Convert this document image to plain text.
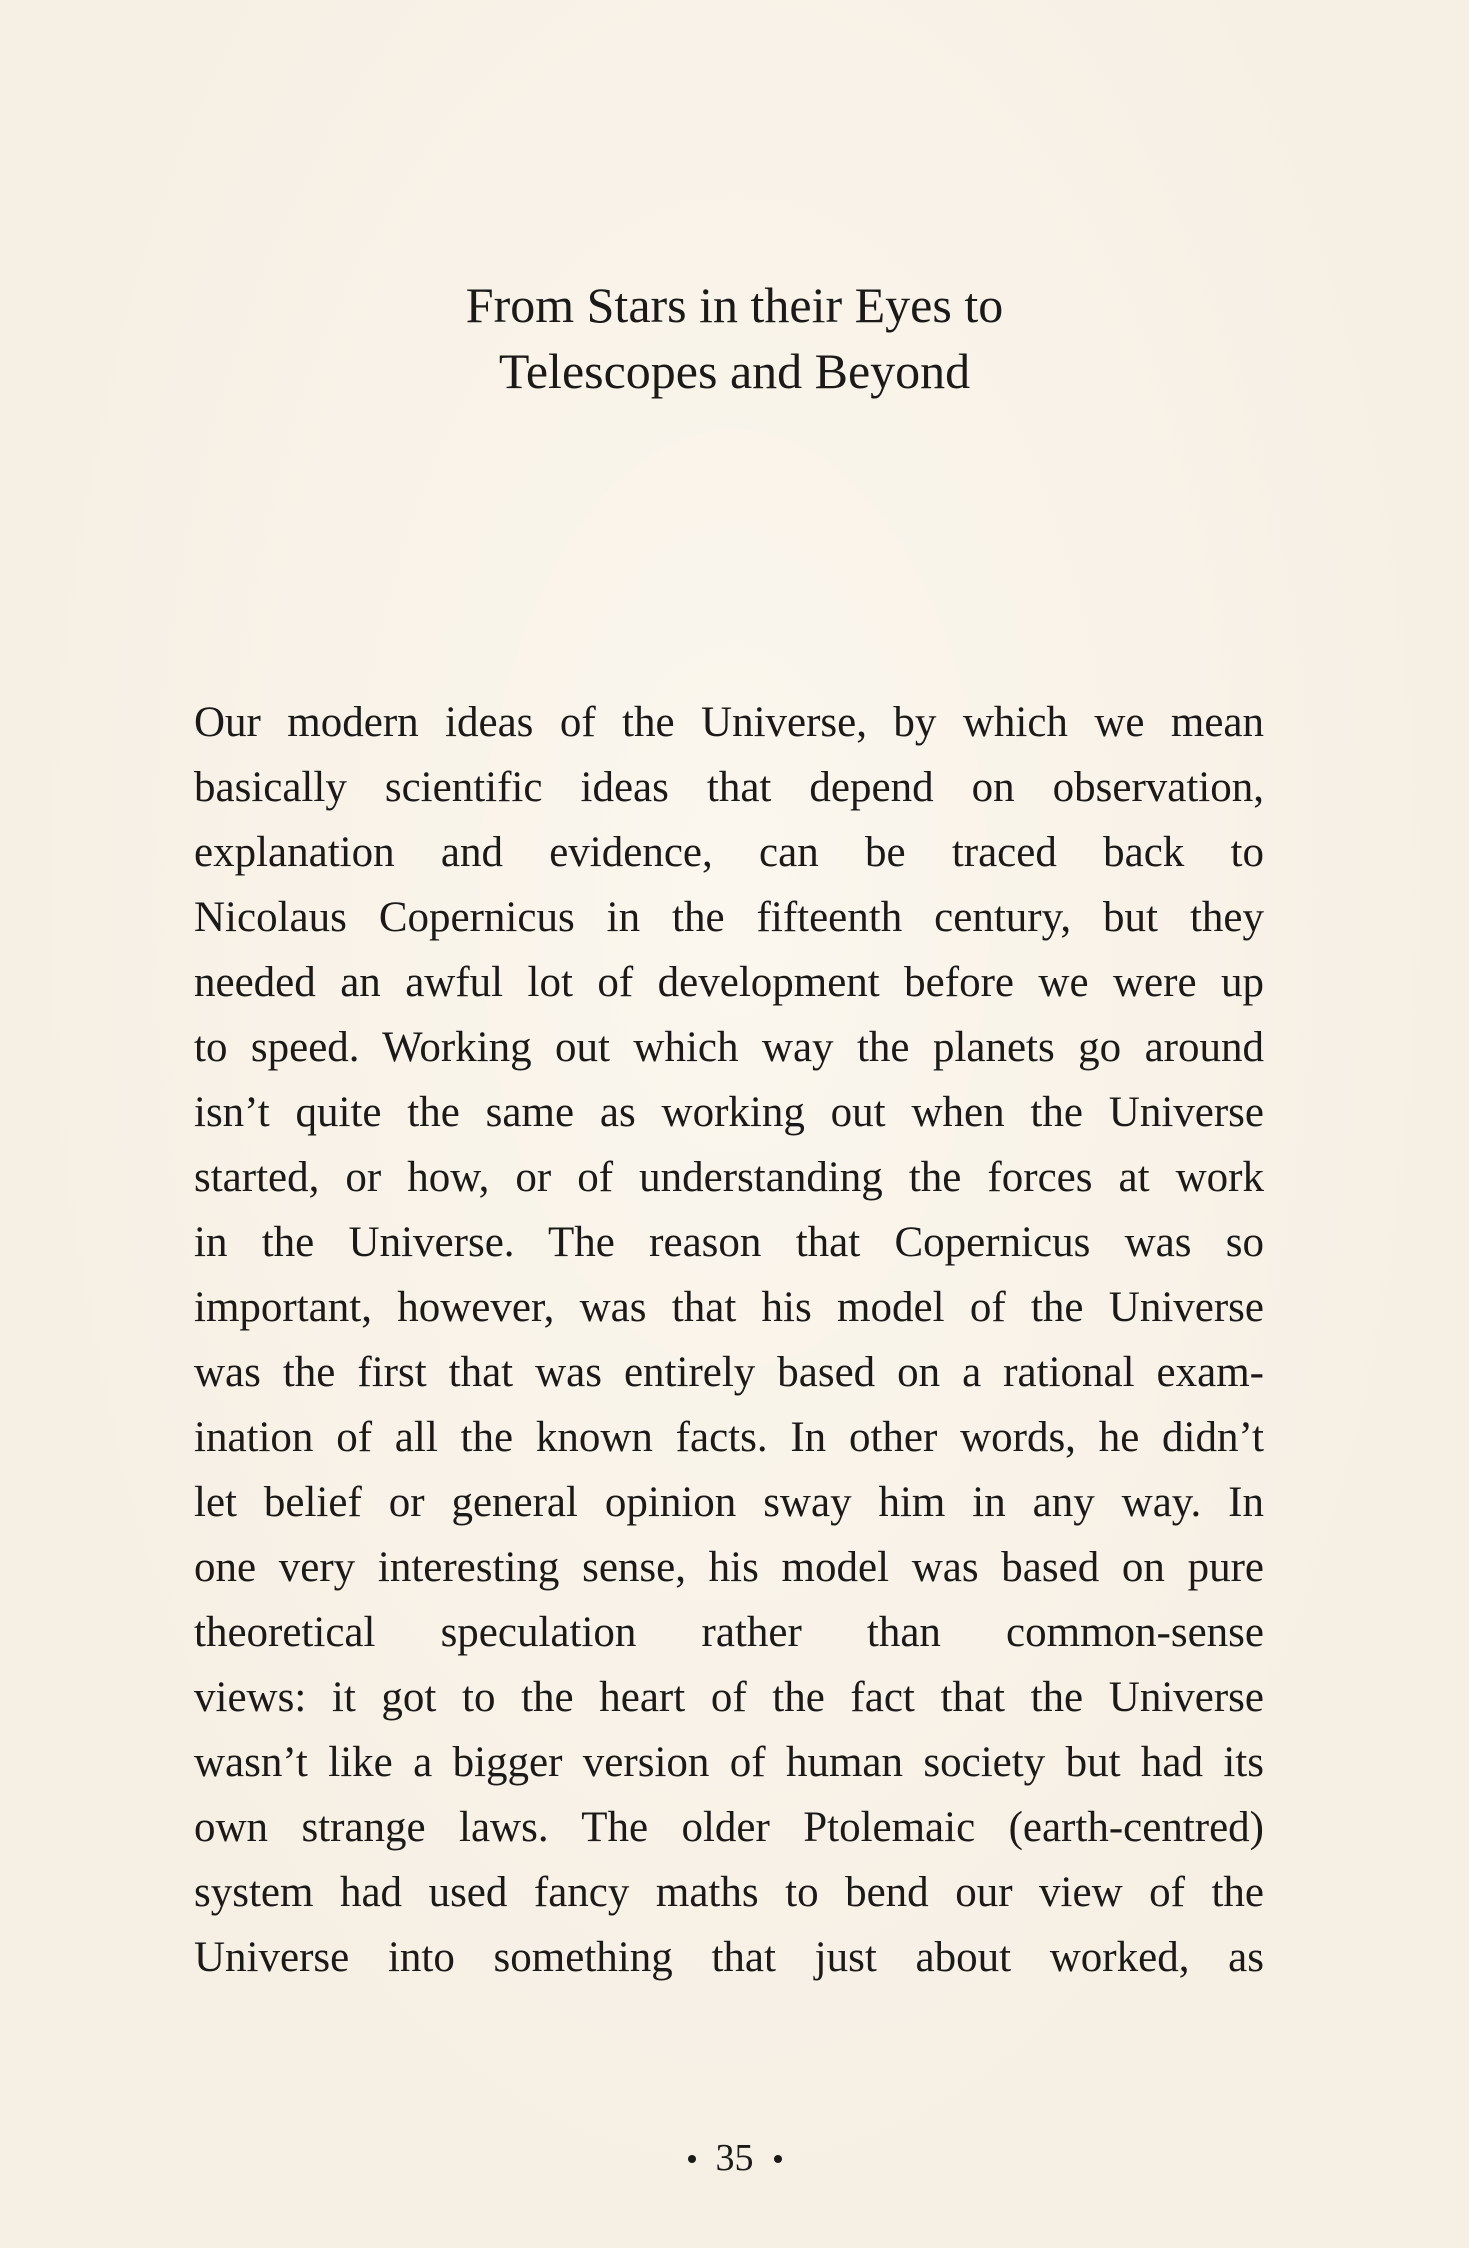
From Stars in their Eyes to
Telescopes and Beyond

Our modern ideas of the Universe, by which we mean

basically scientific ideas that depend on observation,

explanation and evidence, can be traced back to

Nicolaus Copernicus in the fifteenth century, but they

needed an awful lot of development before we were up

to speed. Working out which way the planets go around

isn’t quite the same as working out when the Universe

started, or how, or of understanding the forces at work

in the Universe. The reason that Copernicus was so

important, however, was that his model of the Universe

was the first that was entirely based on a rational exam-

ination of all the known facts. In other words, he didn’t

let belief or general opinion sway him in any way. In

one very interesting sense, his model was based on pure

theoretical speculation rather than common-sense

views: it got to the heart of the fact that the Universe

wasn’t like a bigger version of human society but had its

own strange laws. The older Ptolemaic (earth-centred)

system had used fancy maths to bend our view of the

Universe into something that just about worked, as

35
